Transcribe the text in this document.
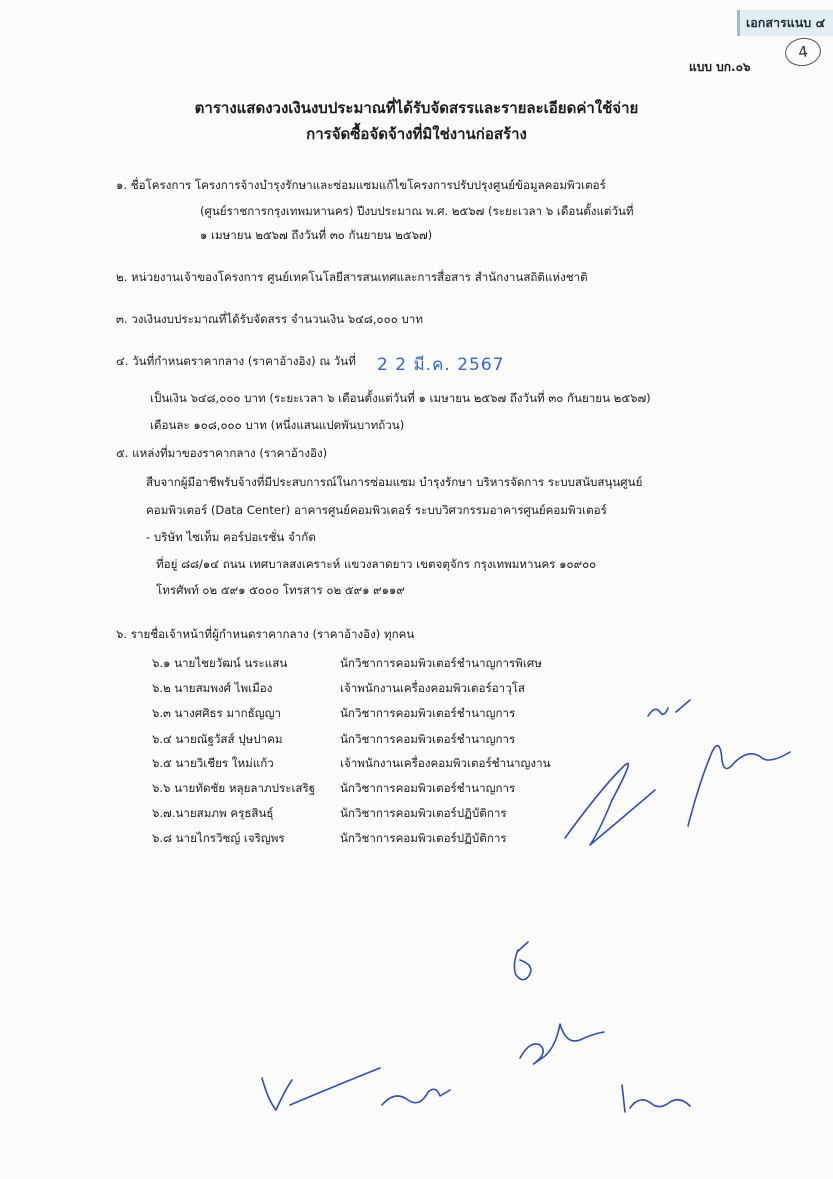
เอกสารแนบ ๔
4
แบบ บก.๐๖
ตารางแสดงวงเงินงบประมาณที่ได้รับจัดสรรและรายละเอียดค่าใช้จ่าย
การจัดซื้อจัดจ้างที่มิใช่งานก่อสร้าง
๑. ชื่อโครงการ โครงการจ้างบำรุงรักษาและซ่อมแซมแก้ไขโครงการปรับปรุงศูนย์ข้อมูลคอมพิวเตอร์
(ศูนย์ราชการกรุงเทพมหานคร) ปีงบประมาณ พ.ศ. ๒๕๖๗ (ระยะเวลา ๖ เดือนตั้งแต่วันที่
๑ เมษายน ๒๕๖๗ ถึงวันที่ ๓๐ กันยายน ๒๕๖๗)
๒. หน่วยงานเจ้าของโครงการ ศูนย์เทคโนโลยีสารสนเทศและการสื่อสาร สำนักงานสถิติแห่งชาติ
๓. วงเงินงบประมาณที่ได้รับจัดสรร จำนวนเงิน ๖๔๘,๐๐๐ บาท
๔. วันที่กำหนดราคากลาง (ราคาอ้างอิง) ณ วันที่ 2 2 มี.ค. 2567
เป็นเงิน ๖๔๘,๐๐๐ บาท (ระยะเวลา ๖ เดือนตั้งแต่วันที่ ๑ เมษายน ๒๕๖๗ ถึงวันที่ ๓๐ กันยายน ๒๕๖๗)
เดือนละ ๑๐๘,๐๐๐ บาท (หนึ่งแสนแปดพันบาทถ้วน)
๕. แหล่งที่มาของราคากลาง (ราคาอ้างอิง)
สืบจากผู้มีอาชีพรับจ้างที่มีประสบการณ์ในการซ่อมแซม บำรุงรักษา บริหารจัดการ ระบบสนับสนุนศูนย์
คอมพิวเตอร์ (Data Center) อาคารศูนย์คอมพิวเตอร์ ระบบวิศวกรรมอาคารศูนย์คอมพิวเตอร์
- บริษัท ไซเท็ม คอร์ปอเรชั่น จำกัด
ที่อยู่ ๘๘/๑๔ ถนน เทศบาลสงเคราะห์ แขวงลาดยาว เขตจตุจักร กรุงเทพมหานคร ๑๐๙๐๐
โทรศัพท์ ๐๒ ๕๙๑ ๕๐๐๐ โทรสาร ๐๒ ๕๙๑ ๙๑๑๙
๖. รายชื่อเจ้าหน้าที่ผู้กำหนดราคากลาง (ราคาอ้างอิง) ทุกคน
๖.๑ นายไชยวัฒน์ นระแสน	นักวิชาการคอมพิวเตอร์ชำนาญการพิเศษ
๖.๒ นายสมพงศ์ ไพเมือง	เจ้าพนักงานเครื่องคอมพิวเตอร์อาวุโส
๖.๓ นางศศิธร มากธัญญา	นักวิชาการคอมพิวเตอร์ชำนาญการ
๖.๔ นายณัฐวัสส์ ปุษปาคม	นักวิชาการคอมพิวเตอร์ชำนาญการ
๖.๕ นายวิเชียร ใหม่แก้ว	เจ้าพนักงานเครื่องคอมพิวเตอร์ชำนาญงาน
๖.๖ นายทัดชัย หลุยลาภประเสริฐ นักวิชาการคอมพิวเตอร์ชำนาญการ
๖.๗.นายสมภพ ครุธสินธุ์	นักวิชาการคอมพิวเตอร์ปฏิบัติการ
๖.๘ นายไกรวิชญ์ เจริญพร	นักวิชาการคอมพิวเตอร์ปฏิบัติการ
